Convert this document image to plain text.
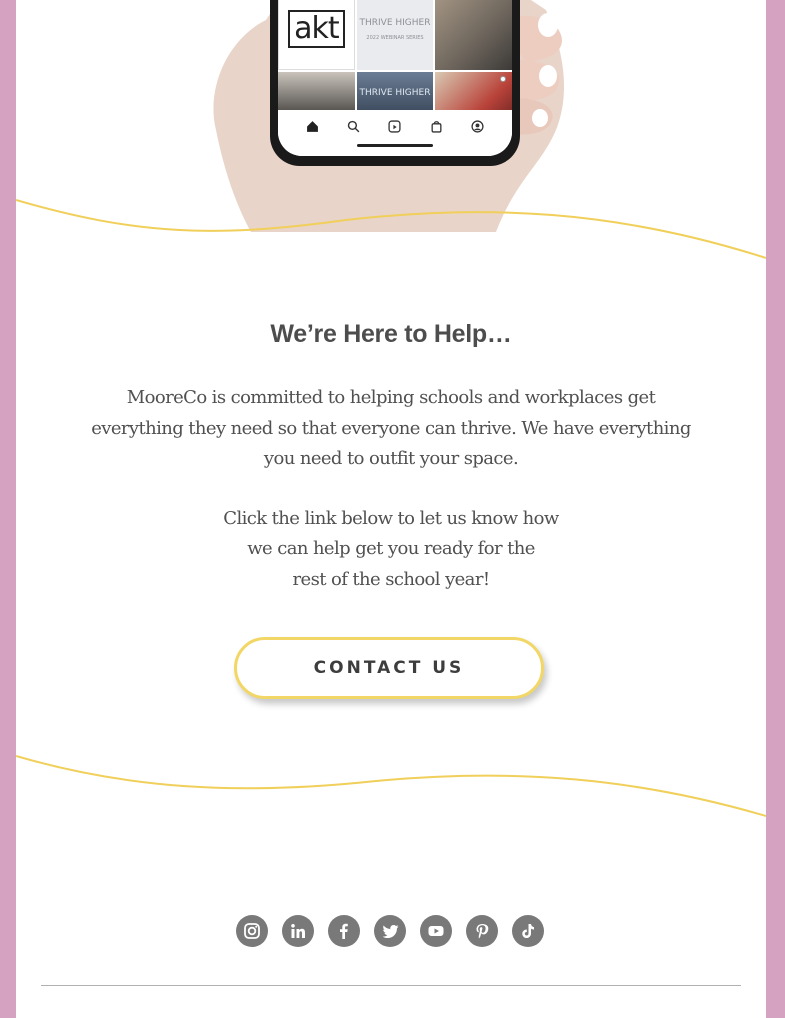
akt	THRIVE HIGHER
2022 WEBINAR SERIES
THRIVE HIGHER
We’re Here to Help…

MooreCo is committed to helping schools and workplaces get everything they need so that everyone can thrive. We have everything you need to outfit your space.

Click the link below to let us know how
we can help get you ready for the
rest of the school year!

CONTACT US
